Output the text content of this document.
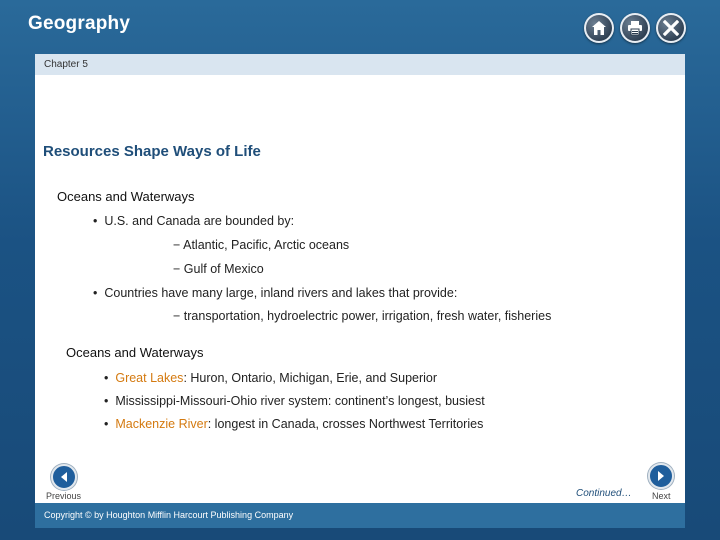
Geography
Chapter 5
Resources Shape Ways of Life
Oceans and Waterways
• U.S. and Canada are bounded by:
− Atlantic, Pacific, Arctic oceans
− Gulf of Mexico
• Countries have many large, inland rivers and lakes that provide:
− transportation, hydroelectric power, irrigation, fresh water, fisheries
Oceans and Waterways
• Great Lakes: Huron, Ontario, Michigan, Erie, and Superior
• Mississippi-Missouri-Ohio river system: continent’s longest, busiest
• Mackenzie River: longest in Canada, crosses Northwest Territories
Previous	Continued… Next
Copyright © by Houghton Mifflin Harcourt Publishing Company
